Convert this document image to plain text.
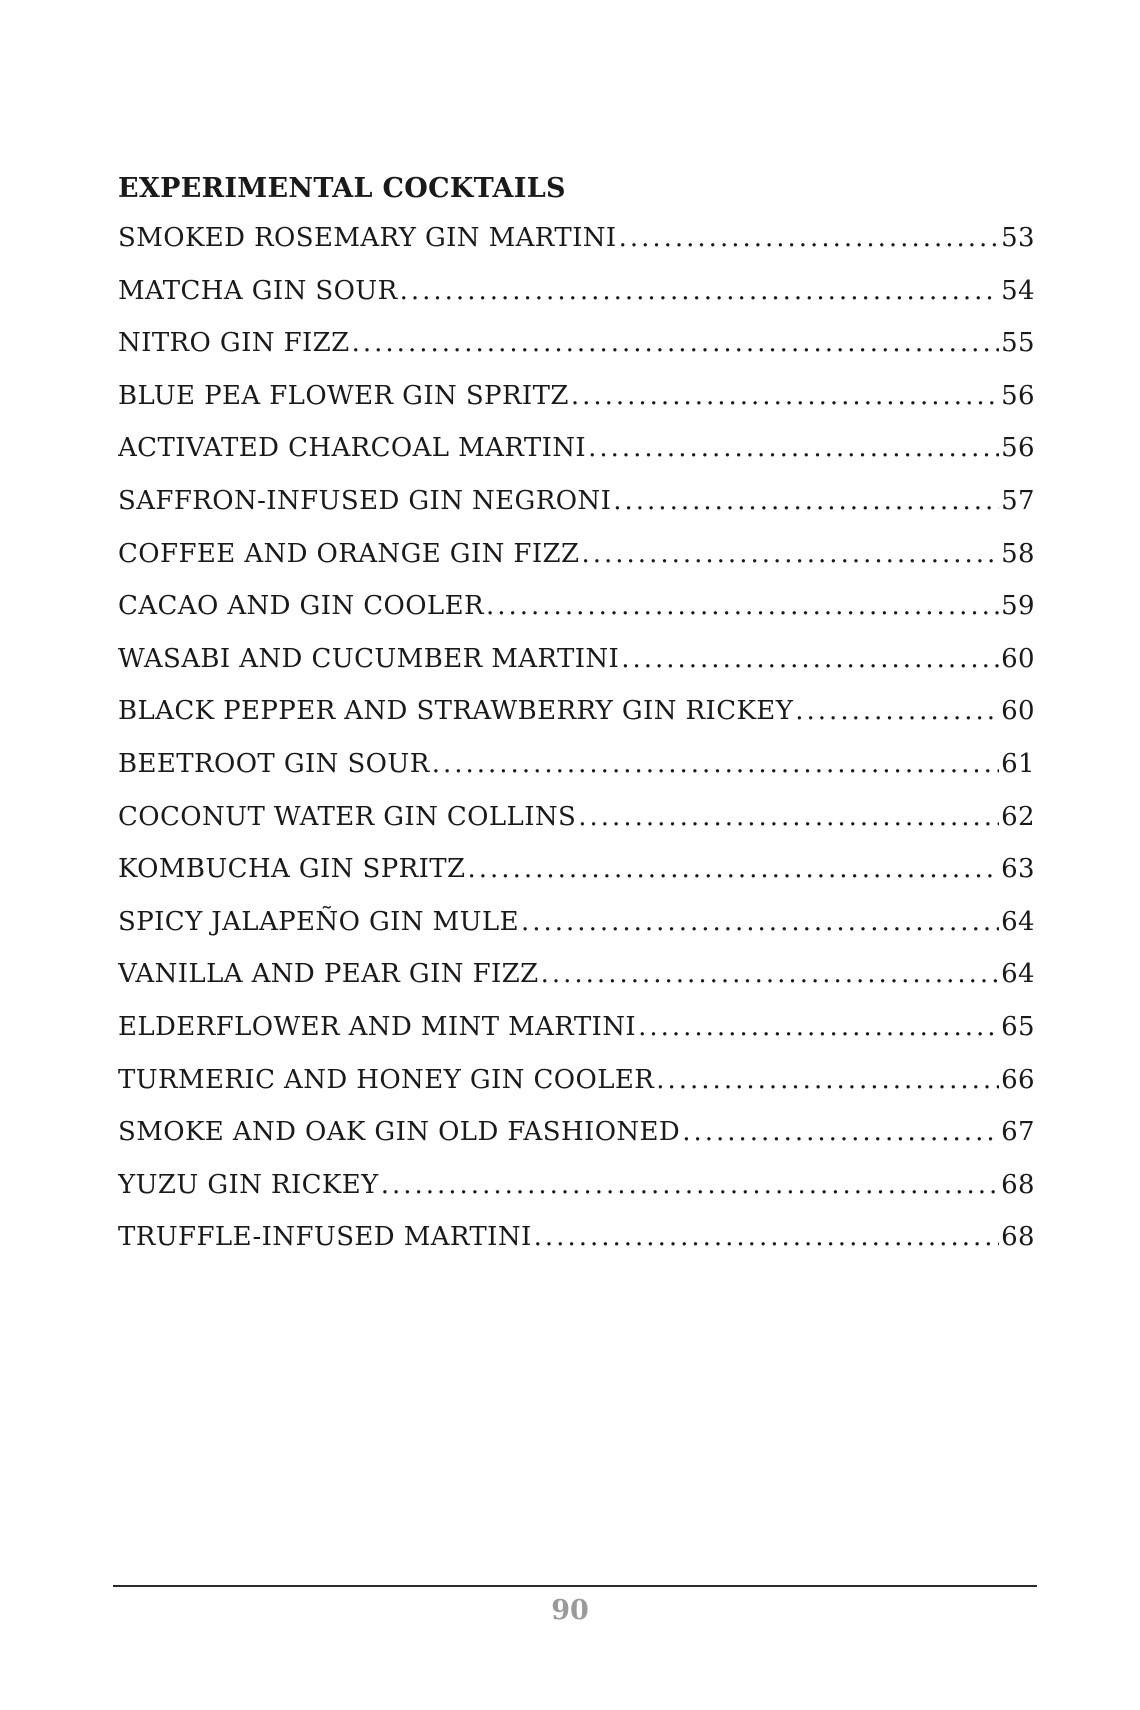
EXPERIMENTAL COCKTAILS
SMOKED ROSEMARY GIN MARTINI .....	53
MATCHA GIN SOUR .....	54
NITRO GIN FIZZ .....	55
BLUE PEA FLOWER GIN SPRITZ .....	56
ACTIVATED CHARCOAL MARTINI .....	56
SAFFRON-INFUSED GIN NEGRONI .....	57
COFFEE AND ORANGE GIN FIZZ .....	58
CACAO AND GIN COOLER .....	59
WASABI AND CUCUMBER MARTINI .....	60
BLACK PEPPER AND STRAWBERRY GIN RICKEY .....	60
BEETROOT GIN SOUR .....	61
COCONUT WATER GIN COLLINS .....	62
KOMBUCHA GIN SPRITZ .....	63
SPICY JALAPEÑO GIN MULE .....	64
VANILLA AND PEAR GIN FIZZ .....	64
ELDERFLOWER AND MINT MARTINI .....	65
TURMERIC AND HONEY GIN COOLER .....	66
SMOKE AND OAK GIN OLD FASHIONED .....	67
YUZU GIN RICKEY .....	68
TRUFFLE-INFUSED MARTINI .....	68
90
